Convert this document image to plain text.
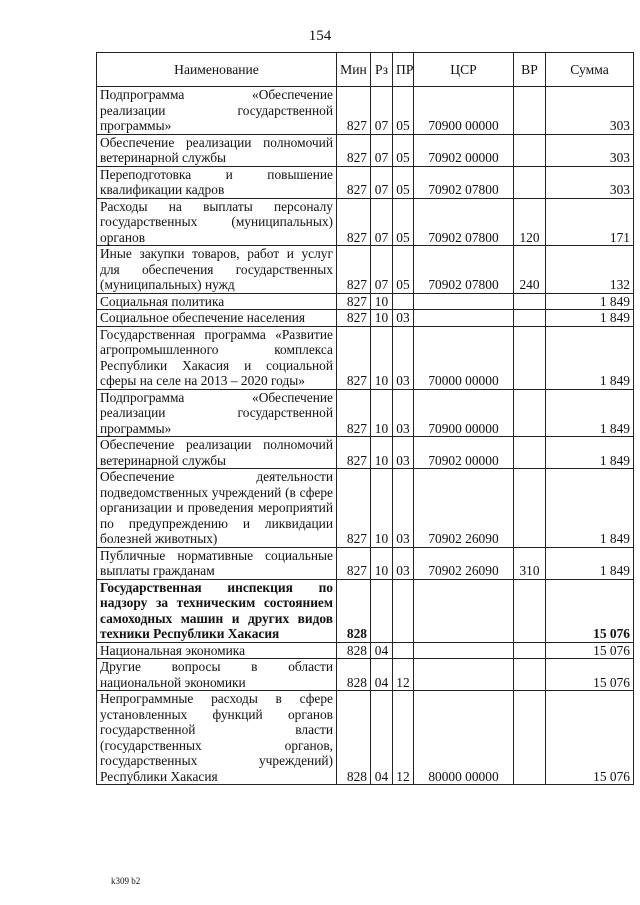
154
Наименование	Мин	Рз	ПР	ЦСР	ВР	Сумма
Подпрограмма «Обеспечение реализации государственной программы»	827	07	05	70900 00000		303
Обеспечение реализации полномочий ветеринарной службы	827	07	05	70902 00000		303
Переподготовка и повышение квалификации кадров	827	07	05	70902 07800		303
Расходы на выплаты персоналу государственных (муниципальных) органов	827	07	05	70902 07800	120	171
Иные закупки товаров, работ и услуг для обеспечения государственных (муниципальных) нужд	827	07	05	70902 07800	240	132
Социальная политика	827	10				1 849
Социальное обеспечение населения	827	10	03			1 849
Государственная программа «Развитие агропромышленного комплекса Республики Хакасия и социальной сферы на селе на 2013 – 2020 годы»	827	10	03	70000 00000		1 849
Подпрограмма «Обеспечение реализации государственной программы»	827	10	03	70900 00000		1 849
Обеспечение реализации полномочий ветеринарной службы	827	10	03	70902 00000		1 849
Обеспечение деятельности подведомственных учреждений (в сфере организации и проведения мероприятий по предупреждению и ликвидации болезней животных)	827	10	03	70902 26090		1 849
Публичные нормативные социальные выплаты гражданам	827	10	03	70902 26090	310	1 849
Государственная инспекция по надзору за техническим состоянием самоходных машин и других видов техники Республики Хакасия	828					15 076
Национальная экономика	828	04				15 076
Другие вопросы в области национальной экономики	828	04	12			15 076
Непрограммные расходы в сфере установленных функций органов государственной власти (государственных органов, государственных учреждений) Республики Хакасия	828	04	12	80000 00000		15 076
k309 b2
